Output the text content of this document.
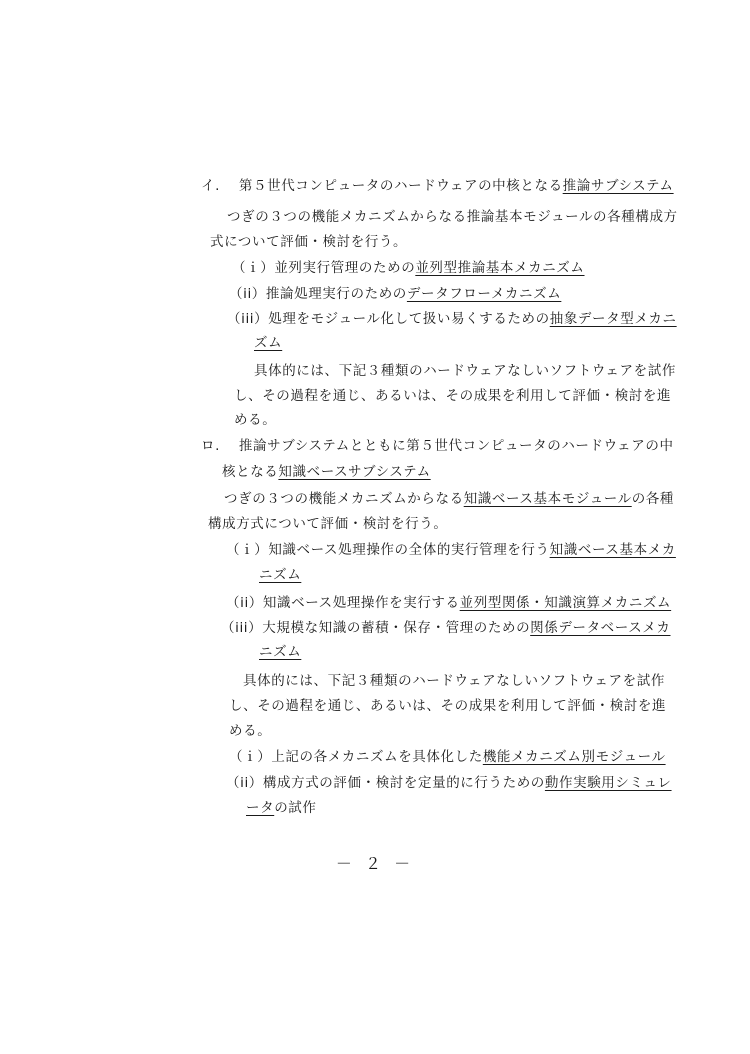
イ. 第５世代コンピュータのハードウェアの中核となる推論サブシステム
つぎの３つの機能メカニズムからなる推論基本モジュールの各種構成方
式について評価・検討を行う。
（ｉ）並列実行管理のための並列型推論基本メカニズム
（ii）推論処理実行のためのデータフローメカニズム
（iii）処理をモジュール化して扱い易くするための抽象データ型メカニ
ズム
具体的には、下記３種類のハードウェアなしいソフトウェアを試作
し、その過程を通じ、あるいは、その成果を利用して評価・検討を進
める。
ロ. 推論サブシステムとともに第５世代コンピュータのハードウェアの中
核となる知識ベースサブシステム
つぎの３つの機能メカニズムからなる知識ベース基本モジュールの各種
構成方式について評価・検討を行う。
（ｉ）知識ベース処理操作の全体的実行管理を行う知識ベース基本メカ
ニズム
（ii）知識ベース処理操作を実行する並列型関係・知識演算メカニズム
（iii）大規模な知識の蓄積・保存・管理のための関係データベースメカ
ニズム
具体的には、下記３種類のハードウェアなしいソフトウェアを試作
し、その過程を通じ、あるいは、その成果を利用して評価・検討を進
める。
（ｉ）上記の各メカニズムを具体化した機能メカニズム別モジュール
（ii）構成方式の評価・検討を定量的に行うための動作実験用シミュレ
ータの試作
－ ２ －
